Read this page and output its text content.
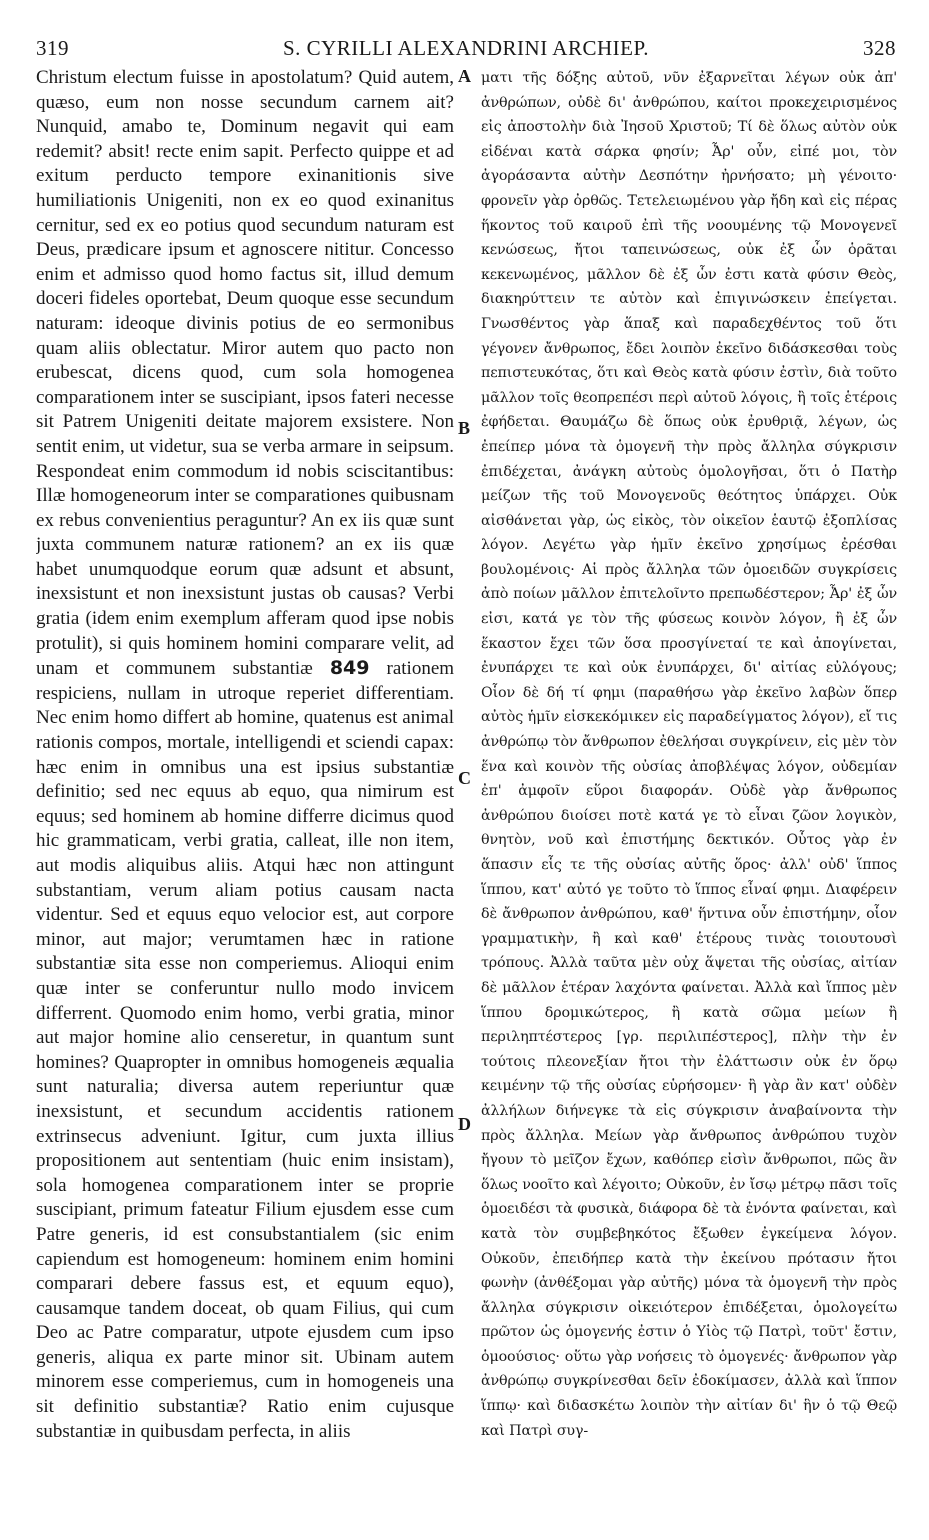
319	S. CYRILLI ALEXANDRINI ARCHIEP.	328

Christum electum fuisse in apostolatum? Quid autem, quæso, eum non nosse secundum carnem ait? Nunquid, amabo te, Dominum negavit qui eam redemit? absit! recte enim sapit. Perfecto quippe et ad exitum perducto tempore exinanitionis sive humiliationis Unigeniti, non ex eo quod exinanitus cernitur, sed ex eo potius quod secundum naturam est Deus, prædicare ipsum et agnoscere nititur. Concesso enim et admisso quod homo factus sit, illud demum doceri fideles oportebat, Deum quoque esse secundum naturam: ideoque divinis potius de eo sermonibus quam aliis oblectatur. Miror autem quo pacto non erubescat, dicens quod, cum sola homogenea comparationem inter se suscipiant, ipsos fateri necesse sit Patrem Unigeniti deitate majorem exsistere. Non sentit enim, ut videtur, sua se verba armare in seipsum. Respondeat enim commodum id nobis sciscitantibus: Illæ homogeneorum inter se comparationes quibusnam ex rebus convenientius peraguntur? An ex iis quæ sunt juxta communem naturæ rationem? an ex iis quæ habet unumquodque eorum quæ adsunt et absunt, inexsistunt et non inexsistunt justas ob causas? Verbi gratia (idem enim exemplum afferam quod ipse nobis protulit), si quis hominem homini comparare velit, ad unam et communem substantiæ 849 rationem respiciens, nullam in utroque reperiet differentiam. Nec enim homo differt ab homine, quatenus est animal rationis compos, mortale, intelligendi et sciendi capax: hæc enim in omnibus una est ipsius substantiæ definitio; sed nec equus ab equo, qua nimirum est equus; sed hominem ab homine differre dicimus quod hic grammaticam, verbi gratia, calleat, ille non item, aut modis aliquibus aliis. Atqui hæc non attingunt substantiam, verum aliam potius causam nacta videntur. Sed et equus equo velocior est, aut corpore minor, aut major; verumtamen hæc in ratione substantiæ sita esse non comperiemus. Alioqui enim quæ inter se conferuntur nullo modo invicem differrent. Quomodo enim homo, verbi gratia, minor aut major homine alio censeretur, in quantum sunt homines? Quapropter in omnibus homogeneis æqualia sunt naturalia; diversa autem reperiuntur quæ inexsistunt, et secundum accidentis rationem extrinsecus adveniunt. Igitur, cum juxta illius propositionem aut sententiam (huic enim insistam), sola homogenea comparationem inter se proprie suscipiant, primum fateatur Filium ejusdem esse cum Patre generis, id est consubstantialem (sic enim capiendum est homogeneum: hominem enim homini comparari debere fassus est, et equum equo), causamque tandem doceat, ob quam Filius, qui cum Deo ac Patre comparatur, utpote ejusdem cum ipso generis, aliqua ex parte minor sit. Ubinam autem minorem esse comperiemus, cum in homogeneis una sit definitio substantiæ? Ratio enim cujusque substantiæ in quibusdam perfecta, in aliis

A
B
C
D

ματι τῆς δόξης αὐτοῦ, νῦν ἐξαρνεῖται λέγων οὐκ ἀπ' ἀνθρώπων, οὐδὲ δι' ἀνθρώπου, καίτοι προκεχειρισμένος εἰς ἀποστολὴν διὰ Ἰησοῦ Χριστοῦ; Τί δὲ ὅλως αὐτὸν οὐκ εἰδέναι κατὰ σάρκα φησίν; Ἆρ' οὖν, εἰπέ μοι, τὸν ἀγοράσαντα αὐτὴν Δεσπότην ἠρνήσατο; μὴ γένοιτο· φρονεῖν γὰρ ὀρθῶς. Τετελειωμένου γὰρ ἤδη καὶ εἰς πέρας ἥκοντος τοῦ καιροῦ ἐπὶ τῆς νοουμένης τῷ Μονογενεῖ κενώσεως, ἤτοι ταπεινώσεως, οὐκ ἐξ ὧν ὁρᾶται κεκενωμένος, μᾶλλον δὲ ἐξ ὧν ἐστι κατὰ φύσιν Θεὸς, διακηρύττειν τε αὐτὸν καὶ ἐπιγινώσκειν ἐπείγεται. Γνωσθέντος γὰρ ἅπαξ καὶ παραδεχθέντος τοῦ ὅτι γέγονεν ἄνθρωπος, ἔδει λοιπὸν ἐκεῖνο διδάσκεσθαι τοὺς πεπιστευκότας, ὅτι καὶ Θεὸς κατὰ φύσιν ἐστὶν, διὰ τοῦτο μᾶλλον τοῖς θεοπρεπέσι περὶ αὐτοῦ λόγοις, ἢ τοῖς ἑτέροις ἐφήδεται. Θαυμάζω δὲ ὅπως οὐκ ἐρυθριᾷ, λέγων, ὡς ἐπείπερ μόνα τὰ ὁμογενῆ τὴν πρὸς ἄλληλα σύγκρισιν ἐπιδέχεται, ἀνάγκη αὐτοὺς ὁμολογῆσαι, ὅτι ὁ Πατὴρ μείζων τῆς τοῦ Μονογενοῦς θεότητος ὑπάρχει. Οὐκ αἰσθάνεται γὰρ, ὡς εἰκὸς, τὸν οἰκεῖον ἑαυτῷ ἐξοπλίσας λόγον. Λεγέτω γὰρ ἡμῖν ἐκεῖνο χρησίμως ἐρέσθαι βουλομένοις· Αἱ πρὸς ἄλληλα τῶν ὁμοειδῶν συγκρίσεις ἀπὸ ποίων μᾶλλον ἐπιτελοῖντο πρεπωδέστερον; Ἆρ' ἐξ ὧν εἰσι, κατά γε τὸν τῆς φύσεως κοινὸν λόγον, ἢ ἐξ ὧν ἕκαστον ἔχει τῶν ὅσα προσγίνεταί τε καὶ ἀπογίνεται, ἐνυπάρχει τε καὶ οὐκ ἐνυπάρχει, δι' αἰτίας εὐλόγους; Οἷον δὲ δή τί φημι (παραθήσω γὰρ ἐκεῖνο λαβὼν ὅπερ αὐτὸς ἡμῖν εἰσκεκόμικεν εἰς παραδείγματος λόγον), εἴ τις ἀνθρώπῳ τὸν ἄνθρωπον ἐθελήσαι συγκρίνειν, εἰς μὲν τὸν ἕνα καὶ κοινὸν τῆς οὐσίας ἀποβλέψας λόγον, οὐδεμίαν ἐπ' ἀμφοῖν εὕροι διαφοράν. Οὐδὲ γὰρ ἄνθρωπος ἀνθρώπου διοίσει ποτὲ κατά γε τὸ εἶναι ζῶον λογικὸν, θνητὸν, νοῦ καὶ ἐπιστήμης δεκτικόν. Οὗτος γὰρ ἐν ἅπασιν εἷς τε τῆς οὐσίας αὐτῆς ὅρος· ἀλλ' οὐδ' ἵππος ἵππου, κατ' αὐτό γε τοῦτο τὸ ἵππος εἶναί φημι. Διαφέρειν δὲ ἄνθρωπον ἀνθρώπου, καθ' ἥντινα οὖν ἐπιστήμην, οἷον γραμματικὴν, ἢ καὶ καθ' ἑτέρους τινὰς τοιουτουσὶ τρόπους. Ἀλλὰ ταῦτα μὲν οὐχ ἅψεται τῆς οὐσίας, αἰτίαν δὲ μᾶλλον ἑτέραν λαχόντα φαίνεται. Ἀλλὰ καὶ ἵππος μὲν ἵππου δρομικώτερος, ἢ κατὰ σῶμα μείων ἢ περιληπτέστερος [γρ. περιλιπέστερος], πλὴν τὴν ἐν τούτοις πλεονεξίαν ἤτοι τὴν ἐλάττωσιν οὐκ ἐν ὅρῳ κειμένην τῷ τῆς οὐσίας εὑρήσομεν· ἢ γὰρ ἂν κατ' οὐδὲν ἀλλήλων διήνεγκε τὰ εἰς σύγκρισιν ἀναβαίνοντα τὴν πρὸς ἄλληλα. Μείων γὰρ ἄνθρωπος ἀνθρώπου τυχὸν ἤγουν τὸ μεῖζον ἔχων, καθόπερ εἰσὶν ἄνθρωποι, πῶς ἂν ὅλως νοοῖτο καὶ λέγοιτο; Οὐκοῦν, ἐν ἴσῳ μέτρῳ πᾶσι τοῖς ὁμοειδέσι τὰ φυσικὰ, διάφορα δὲ τὰ ἐνόντα φαίνεται, καὶ κατὰ τὸν συμβεβηκότος ἔξωθεν ἐγκείμενα λόγον. Οὐκοῦν, ἐπειδήπερ κατὰ τὴν ἐκείνου πρότασιν ἤτοι φωνὴν (ἀνθέξομαι γὰρ αὐτῆς) μόνα τὰ ὁμογενῆ τὴν πρὸς ἄλληλα σύγκρισιν οἰκειότερον ἐπιδέξεται, ὁμολογείτω πρῶτον ὡς ὁμογενής ἐστιν ὁ Υἱὸς τῷ Πατρὶ, τοῦτ' ἔστιν, ὁμοούσιος· οὕτω γὰρ νοήσεις τὸ ὁμογενές· ἄνθρωπον γὰρ ἀνθρώπῳ συγκρίνεσθαι δεῖν ἐδοκίμασεν, ἀλλὰ καὶ ἵππον ἵππῳ· καὶ διδασκέτω λοιπὸν τὴν αἰτίαν δι' ἣν ὁ τῷ Θεῷ καὶ Πατρὶ συγ-
